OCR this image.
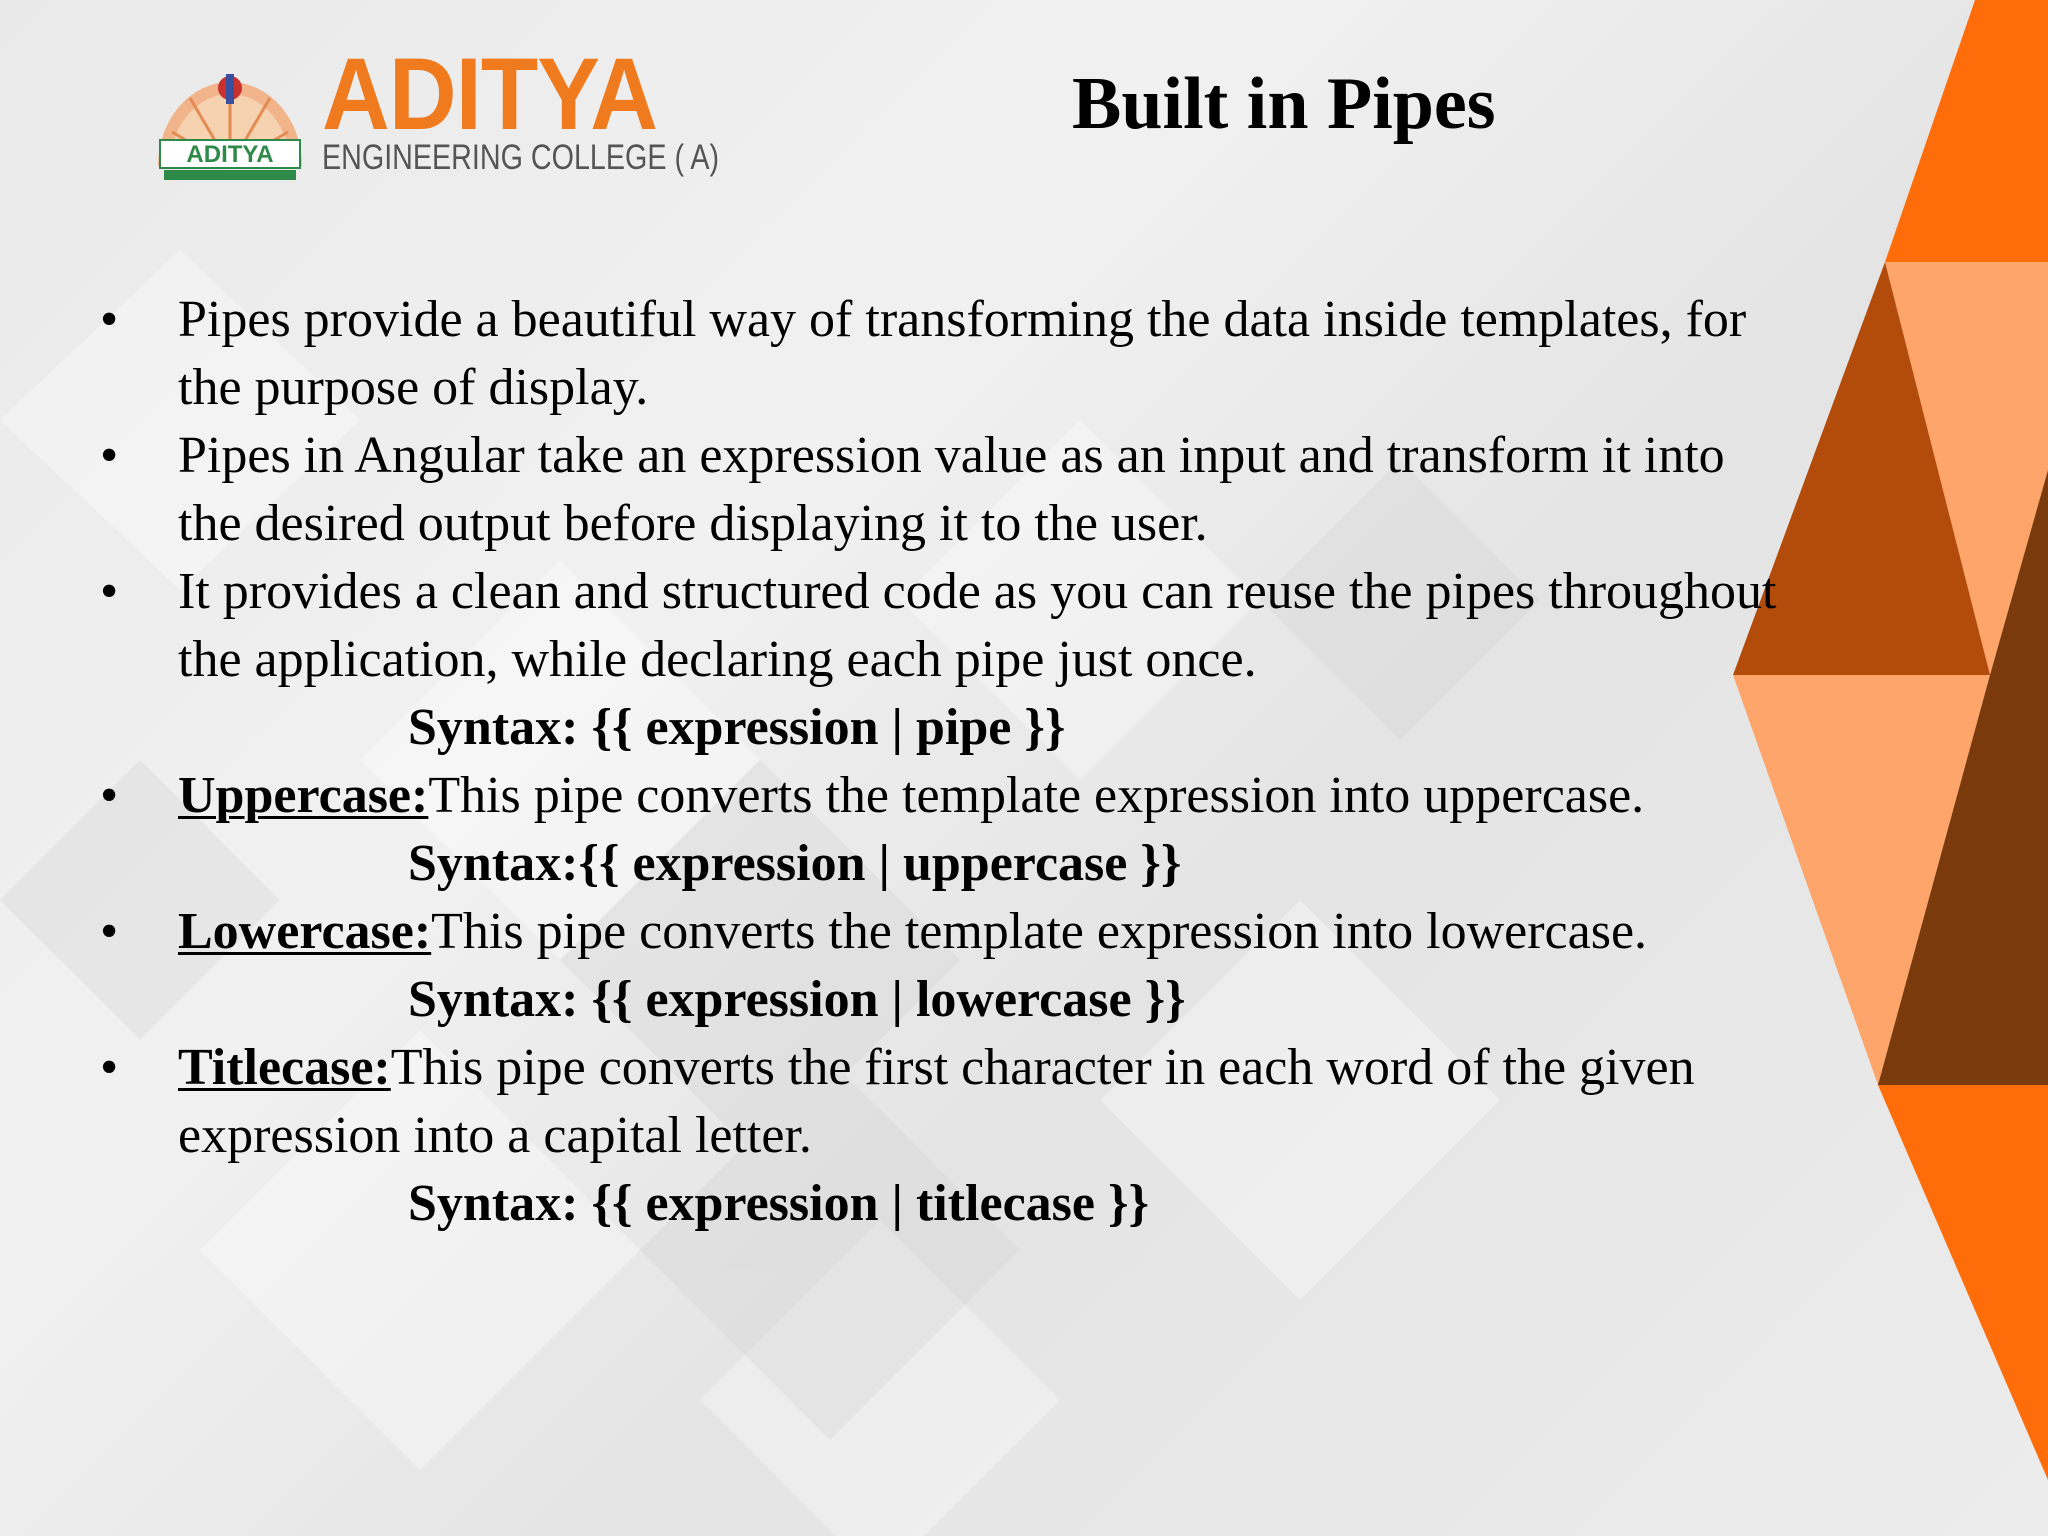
ADITYA
ADITYA
ENGINEERING COLLEGE ( A)
Built in Pipes
• Pipes provide a beautiful way of transforming the data inside templates, for
the purpose of display.
• Pipes in Angular take an expression value as an input and transform it into
the desired output before displaying it to the user.
• It provides a clean and structured code as you can reuse the pipes throughout
the application, while declaring each pipe just once.

Syntax: {{ expression | pipe }}

• Uppercase:This pipe converts the template expression into uppercase.

Syntax:{{ expression | uppercase }}

• Lowercase:This pipe converts the template expression into lowercase.

Syntax: {{ expression | lowercase }}

• Titlecase:This pipe converts the first character in each word of the given
expression into a capital letter.

Syntax: {{ expression | titlecase }}
